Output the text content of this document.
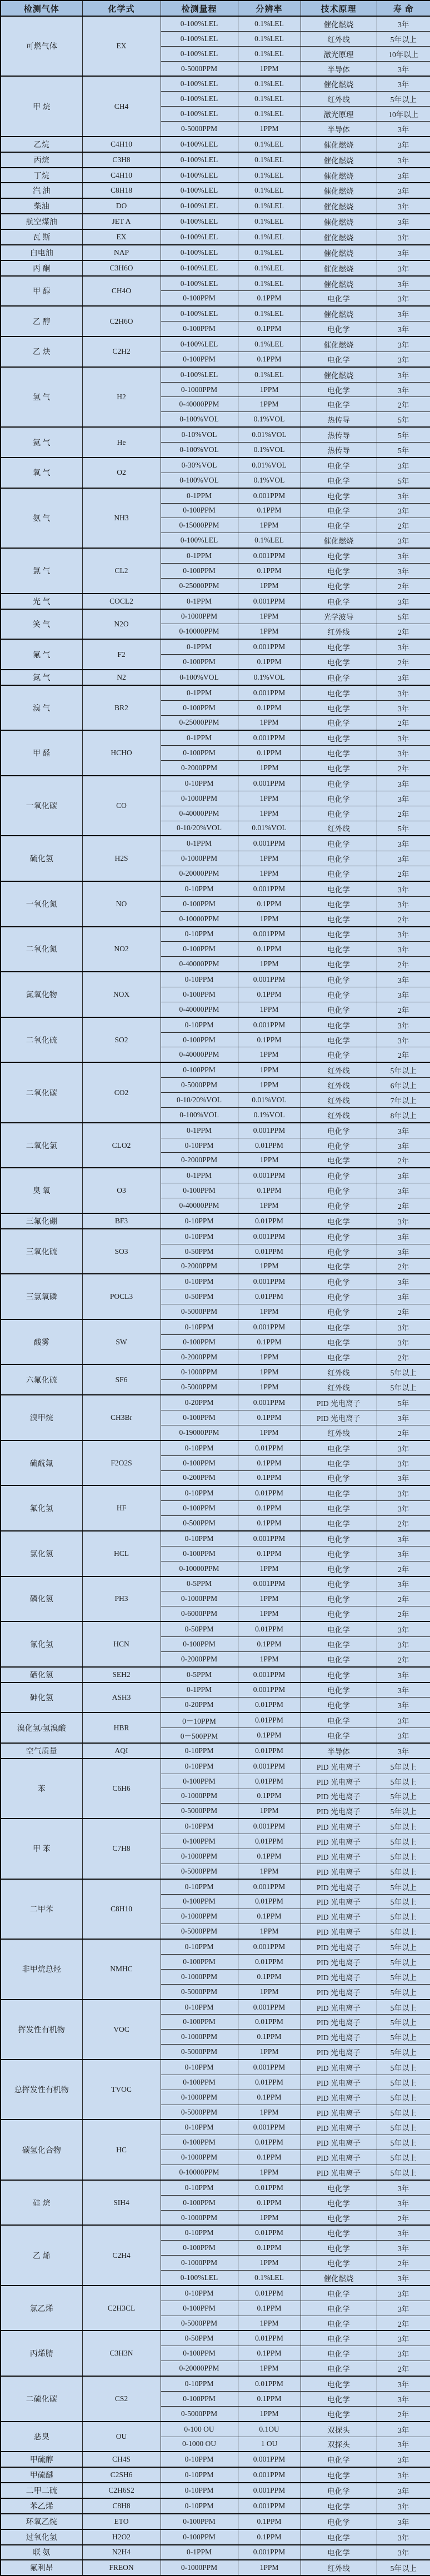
检测气体	化学式	检测量程	分辨率	技术原理	寿 命
可燃气体	EX	0-100%LEL	0.1%LEL	催化燃烧	3年
		0-100%LEL	0.1%LEL	红外线	5年以上
		0-100%LEL	0.1%LEL	激光原理	10年以上
		0-5000PPM	1PPM	半导体	3年
甲 烷	CH4	0-100%LEL	0.1%LEL	催化燃烧	3年
		0-100%LEL	0.1%LEL	红外线	5年以上
		0-100%LEL	0.1%LEL	激光原理	10年以上
		0-5000PPM	1PPM	半导体	3年
乙烷	C4H10	0-100%LEL	0.1%LEL	催化燃烧	3年
丙烷	C3H8	0-100%LEL	0.1%LEL	催化燃烧	3年
丁烷	C4H10	0-100%LEL	0.1%LEL	催化燃烧	3年
汽 油	C8H18	0-100%LEL	0.1%LEL	催化燃烧	3年
柴油	DO	0-100%LEL	0.1%LEL	催化燃烧	3年
航空煤油	JET A	0-100%LEL	0.1%LEL	催化燃烧	3年
瓦 斯	EX	0-100%LEL	0.1%LEL	催化燃烧	3年
白电油	NAP	0-100%LEL	0.1%LEL	催化燃烧	3年
丙 酮	C3H6O	0-100%LEL	0.1%LEL	催化燃烧	3年
甲 醇	CH4O	0-100%LEL	0.1%LEL	催化燃烧	3年
		0-100PPM	0.1PPM	电化学	3年
乙 醇	C2H6O	0-100%LEL	0.1%LEL	催化燃烧	3年
		0-100PPM	0.1PPM	电化学	3年
乙 炔	C2H2	0-100%LEL	0.1%LEL	催化燃烧	3年
		0-100PPM	0.1PPM	电化学	3年
氢 气	H2	0-100%LEL	0.1%LEL	催化燃烧	3年
		0-1000PPM	1PPM	电化学	3年
		0-40000PPM	1PPM	电化学	2年
		0-100%VOL	0.1%VOL	热传导	5年
氦 气	He	0-10%VOL	0.01%VOL	热传导	5年
		0-100%VOL	0.1%VOL	热传导	5年
氧 气	O2	0-30%VOL	0.01%VOL	电化学	3年
		0-100%VOL	0.1%VOL	电化学	5年
氨 气	NH3	0-1PPM	0.001PPM	电化学	3年
		0-100PPM	0.1PPM	电化学	3年
		0-15000PPM	1PPM	电化学	2年
		0-100%LEL	0.1%LEL	催化燃烧	3年
氯 气	CL2	0-1PPM	0.001PPM	电化学	3年
		0-100PPM	0.1PPM	电化学	3年
		0-25000PPM	1PPM	电化学	2年
光 气	COCL2	0-1PPM	0.001PPM	电化学	3年
笑 气	N2O	0-1000PPM	1PPM	光学波导	5年
		0-10000PPM	1PPM	红外线	2年
氟 气	F2	0-1PPM	0.001PPM	电化学	3年
		0-100PPM	0.1PPM	电化学	2年
氮 气	N2	0-100%VOL	0.1%VOL	电化学	3年
溴 气	BR2	0-1PPM	0.001PPM	电化学	3年
		0-100PPM	0.1PPM	电化学	3年
		0-25000PPM	1PPM	电化学	2年
甲 醛	HCHO	0-1PPM	0.001PPM	电化学	3年
		0-100PPM	0.1PPM	电化学	3年
		0-2000PPM	1PPM	电化学	2年
一氧化碳	CO	0-10PPM	0.001PPM	电化学	3年
		0-1000PPM	1PPM	电化学	3年
		0-40000PPM	1PPM	电化学	2年
		0-10/20%VOL	0.01%VOL	红外线	5年
硫化氢	H2S	0-1PPM	0.001PPM	电化学	3年
		0-1000PPM	1PPM	电化学	3年
		0-20000PPM	1PPM	电化学	2年
一氧化氮	NO	0-10PPM	0.001PPM	电化学	3年
		0-100PPM	0.1PPM	电化学	3年
		0-10000PPM	1PPM	电化学	2年
二氧化氮	NO2	0-10PPM	0.001PPM	电化学	3年
		0-100PPM	0.1PPM	电化学	3年
		0-40000PPM	1PPM	电化学	2年
氮氧化物	NOX	0-10PPM	0.001PPM	电化学	3年
		0-100PPM	0.1PPM	电化学	3年
		0-40000PPM	1PPM	电化学	2年
二氧化硫	SO2	0-10PPM	0.001PPM	电化学	3年
		0-100PPM	0.1PPM	电化学	3年
		0-40000PPM	1PPM	电化学	2年
二氧化碳	CO2	0-100PPM	1PPM	红外线	5年以上
		0-5000PPM	1PPM	红外线	6年以上
		0-10/20%VOL	0.01%VOL	红外线	7年以上
		0-100%VOL	0.1%VOL	红外线	8年以上
二氧化氯	CLO2	0-1PPM	0.001PPM	电化学	3年
		0-10PPM	0.01PPM	电化学	3年
		0-2000PPM	1PPM	电化学	2年
臭 氧	O3	0-1PPM	0.001PPM	电化学	3年
		0-100PPM	0.1PPM	电化学	3年
		0-40000PPM	1PPM	电化学	2年
三氟化硼	BF3	0-10PPM	0.01PPM	电化学	3年
三氧化硫	SO3	0-10PPM	0.001PPM	电化学	3年
		0-50PPM	0.01PPM	电化学	3年
		0-2000PPM	1PPM	电化学	2年
三氯氧磷	POCL3	0-10PPM	0.001PPM	电化学	3年
		0-50PPM	0.01PPM	电化学	3年
		0-5000PPM	1PPM	电化学	2年
酸雾	SW	0-10PPM	0.001PPM	电化学	3年
		0-100PPM	0.1PPM	电化学	3年
		0-2000PPM	1PPM	电化学	2年
六氟化硫	SF6	0-1000PPM	1PPM	红外线	5年以上
		0-5000PPM	1PPM	红外线	5年以上
溴甲烷	CH3Br	0-20PPM	0.001PPM	PID 光电离子	5年
		0-100PPM	0.1PPM	PID 光电离子	3年
		0-19000PPM	1PPM	红外线	2年
硫酰氟	F2O2S	0-10PPM	0.01PPM	电化学	3年
		0-100PPM	0.1PPM	电化学	3年
		0-200PPM	0.1PPM	电化学	3年
氟化氢	HF	0-10PPM	0.01PPM	电化学	3年
		0-100PPM	0.1PPM	电化学	3年
		0-500PPM	0.1PPM	电化学	2年
氯化氢	HCL	0-10PPM	0.001PPM	电化学	3年
		0-100PPM	0.1PPM	电化学	3年
		0-10000PPM	1PPM	电化学	2年
磷化氢	PH3	0-5PPM	0.001PPM	电化学	3年
		0-1000PPM	1PPM	电化学	2年
		0-6000PPM	1PPM	电化学	2年
氰化氢	HCN	0-50PPM	0.01PPM	电化学	3年
		0-100PPM	0.1PPM	电化学	3年
		0-2000PPM	1PPM	电化学	2年
硒化氢	SEH2	0-5PPM	0.001PPM	电化学	3年
砷化氢	ASH3	0-1PPM	0.001PPM	电化学	3年
		0-20PPM	0.01PPM	电化学	3年
溴化氢/氢溴酸	HBR	0－10PPM	0.01PPM	电化学	3年
		0－500PPM	0.1PPM	电化学	3年
空气质量	AQI	0-10PPM	0.01PPM	半导体	3年
苯	C6H6	0-10PPM	0.001PPM	PID 光电离子	5年以上
		0-100PPM	0.01PPM	PID 光电离子	5年以上
		0-1000PPM	0.1PPM	PID 光电离子	5年以上
		0-5000PPM	1PPM	PID 光电离子	5年以上
甲 苯	C7H8	0-10PPM	0.001PPM	PID 光电离子	5年以上
		0-100PPM	0.01PPM	PID 光电离子	5年以上
		0-1000PPM	0.1PPM	PID 光电离子	5年以上
		0-5000PPM	1PPM	PID 光电离子	5年以上
二甲苯	C8H10	0-10PPM	0.001PPM	PID 光电离子	5年以上
		0-100PPM	0.01PPM	PID 光电离子	5年以上
		0-1000PPM	0.1PPM	PID 光电离子	5年以上
		0-5000PPM	1PPM	PID 光电离子	5年以上
非甲烷总烃	NMHC	0-10PPM	0.001PPM	PID 光电离子	5年以上
		0-100PPM	0.01PPM	PID 光电离子	5年以上
		0-1000PPM	0.1PPM	PID 光电离子	5年以上
		0-5000PPM	1PPM	PID 光电离子	5年以上
挥发性有机物	VOC	0-10PPM	0.001PPM	PID 光电离子	5年以上
		0-100PPM	0.01PPM	PID 光电离子	5年以上
		0-1000PPM	0.1PPM	PID 光电离子	5年以上
		0-5000PPM	1PPM	PID 光电离子	5年以上
总挥发性有机物	TVOC	0-10PPM	0.001PPM	PID 光电离子	5年以上
		0-100PPM	0.01PPM	PID 光电离子	5年以上
		0-1000PPM	0.1PPM	PID 光电离子	5年以上
		0-5000PPM	1PPM	PID 光电离子	5年以上
碳氢化合物	HC	0-10PPM	0.001PPM	PID 光电离子	5年以上
		0-100PPM	0.01PPM	PID 光电离子	5年以上
		0-1000PPM	0.1PPM	PID 光电离子	5年以上
		0-10000PPM	1PPM	PID 光电离子	5年以上
硅 烷	SIH4	0-10PPM	0.01PPM	电化学	3年
		0-100PPM	0.1PPM	电化学	3年
		0-1000PPM	1PPM	电化学	2年
乙 烯	C2H4	0-10PPM	0.01PPM	电化学	3年
		0-100PPM	0.1PPM	电化学	3年
		0-1000PPM	1PPM	电化学	2年
		0-100%LEL	0.1%LEL	催化燃烧	3年
氯乙烯	C2H3CL	0-10PPM	0.01PPM	电化学	3年
		0-100PPM	0.1PPM	电化学	3年
		0-5000PPM	1PPM	电化学	2年
丙烯腈	C3H3N	0-50PPM	0.01PPM	电化学	3年
		0-100PPM	0.1PPM	电化学	3年
		0-20000PPM	1PPM	电化学	2年
二硫化碳	CS2	0-10PPM	0.01PPM	电化学	3年
		0-100PPM	0.1PPM	电化学	3年
		0-5000PPM	1PPM	电化学	2年
恶臭	OU	0-100 OU	0.1OU	双探头	3年
		0-1000 OU	1 OU	双探头	3年
甲硫醇	CH4S	0-10PPM	0.001PPM	电化学	3年
甲硫醚	C2SH6	0-10PPM	0.001PPM	电化学	3年
二甲二硫	C2H6S2	0-10PPM	0.001PPM	电化学	3年
苯乙烯	C8H8	0-10PPM	0.001PPM	电化学	3年
环氧乙烷	ETO	0-100PPM	0.1PPM	电化学	3年
过氧化氢	H2O2	0-100PPM	0.1PPM	电化学	3年
联 氨	N2H4	0-1PPM	0.001PPM	电化学	3年
氟利昂	FREON	0-1000PPM	1PPM	红外线	5年以上
